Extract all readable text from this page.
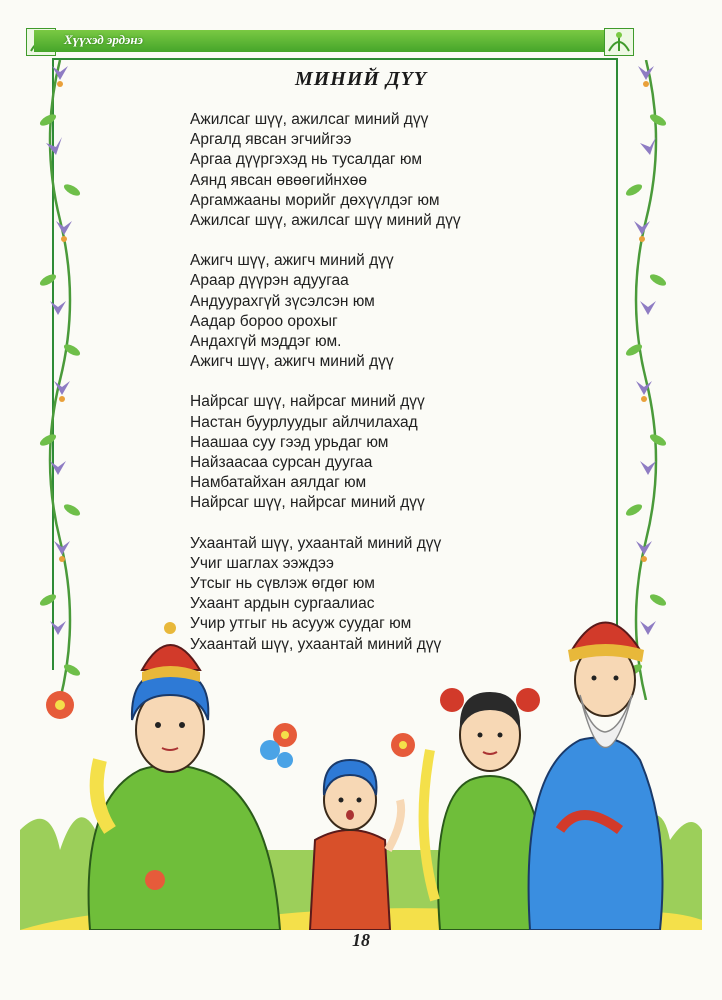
Хүүхэд эрдэнэ
МИНИЙ ДҮҮ
Ажилсаг шүү, ажилсаг миний дүү
Аргалд явсан эгчийгээ
Аргаа дүүргэхэд нь тусалдаг юм
Аянд явсан өвөөгийнхөө
Аргамжааны морийг дөхүүлдэг юм
Ажилсаг шүү, ажилсаг шүү миний дүү
Ажигч шүү, ажигч миний дүү
Араар дүүрэн адуугаа
Андуурахгүй зүсэлсэн юм
Аадар бороо орохыг
Андахгүй мэддэг юм.
Ажигч шүү, ажигч миний дүү
Найрсаг шүү, найрсаг миний дүү
Настан буурлуудыг айлчилахад
Наашаа суу гээд урьдаг юм
Найзаасаа сурсан дуугаа
Намбатайхан аялдаг юм
Найрсаг шүү, найрсаг миний дүү
Ухаантай шүү, ухаантай миний дүү
Учиг шаглах ээждээ
Утсыг нь сүвлэж өгдөг юм
Ухаант ардын сургаалиас
Учир утгыг нь асууж суудаг юм
Ухаантай шүү, ухаантай миний дүү
18
